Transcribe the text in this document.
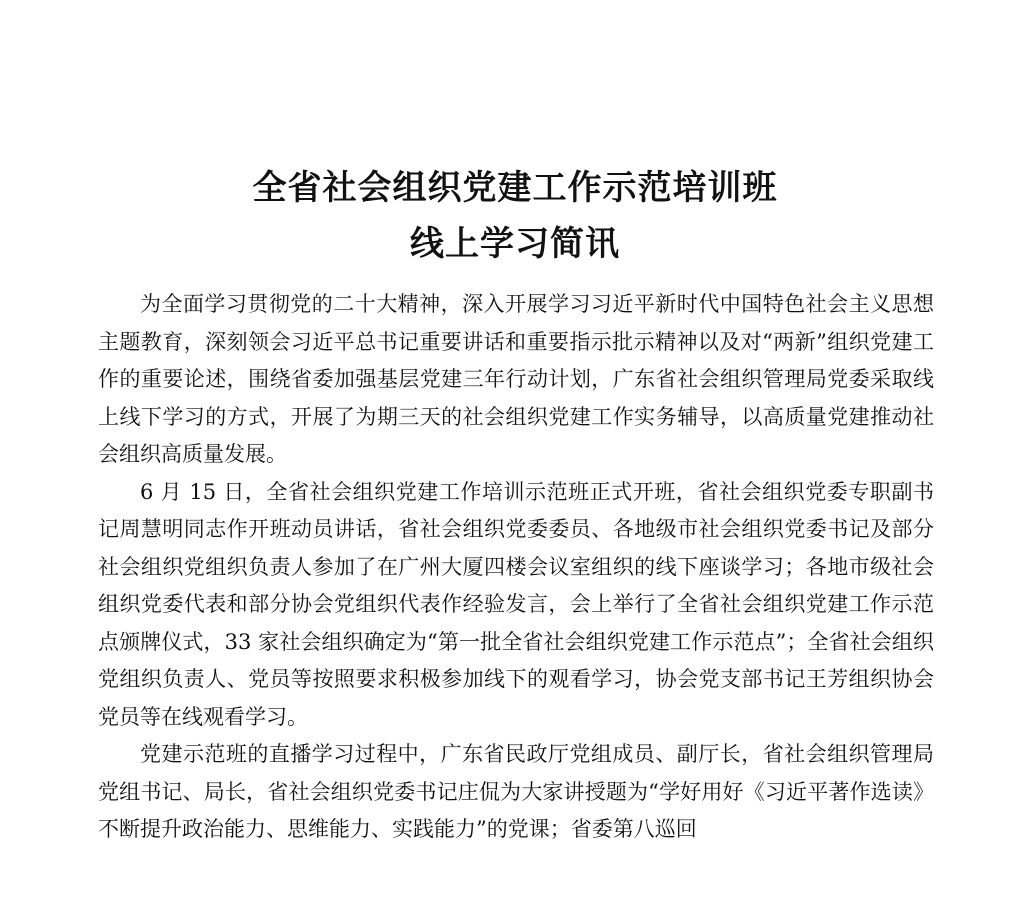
全省社会组织党建工作示范培训班
线上学习简讯

为全面学习贯彻党的二十大精神，深入开展学习习近平新时代中国特色社会主义思想主题教育，深刻领会习近平总书记重要讲话和重要指示批示精神以及对“两新”组织党建工作的重要论述，围绕省委加强基层党建三年行动计划，广东省社会组织管理局党委采取线上线下学习的方式，开展了为期三天的社会组织党建工作实务辅导，以高质量党建推动社会组织高质量发展。

6 月 15 日，全省社会组织党建工作培训示范班正式开班，省社会组织党委专职副书记周慧明同志作开班动员讲话，省社会组织党委委员、各地级市社会组织党委书记及部分社会组织党组织负责人参加了在广州大厦四楼会议室组织的线下座谈学习；各地市级社会组织党委代表和部分协会党组织代表作经验发言，会上举行了全省社会组织党建工作示范点颁牌仪式，33 家社会组织确定为“第一批全省社会组织党建工作示范点”；全省社会组织党组织负责人、党员等按照要求积极参加线下的观看学习，协会党支部书记王芳组织协会党员等在线观看学习。

党建示范班的直播学习过程中，广东省民政厅党组成员、副厅长，省社会组织管理局党组书记、局长，省社会组织党委书记庄侃为大家讲授题为“学好用好《习近平著作选读》不断提升政治能力、思维能力、实践能力”的党课；省委第八巡回
